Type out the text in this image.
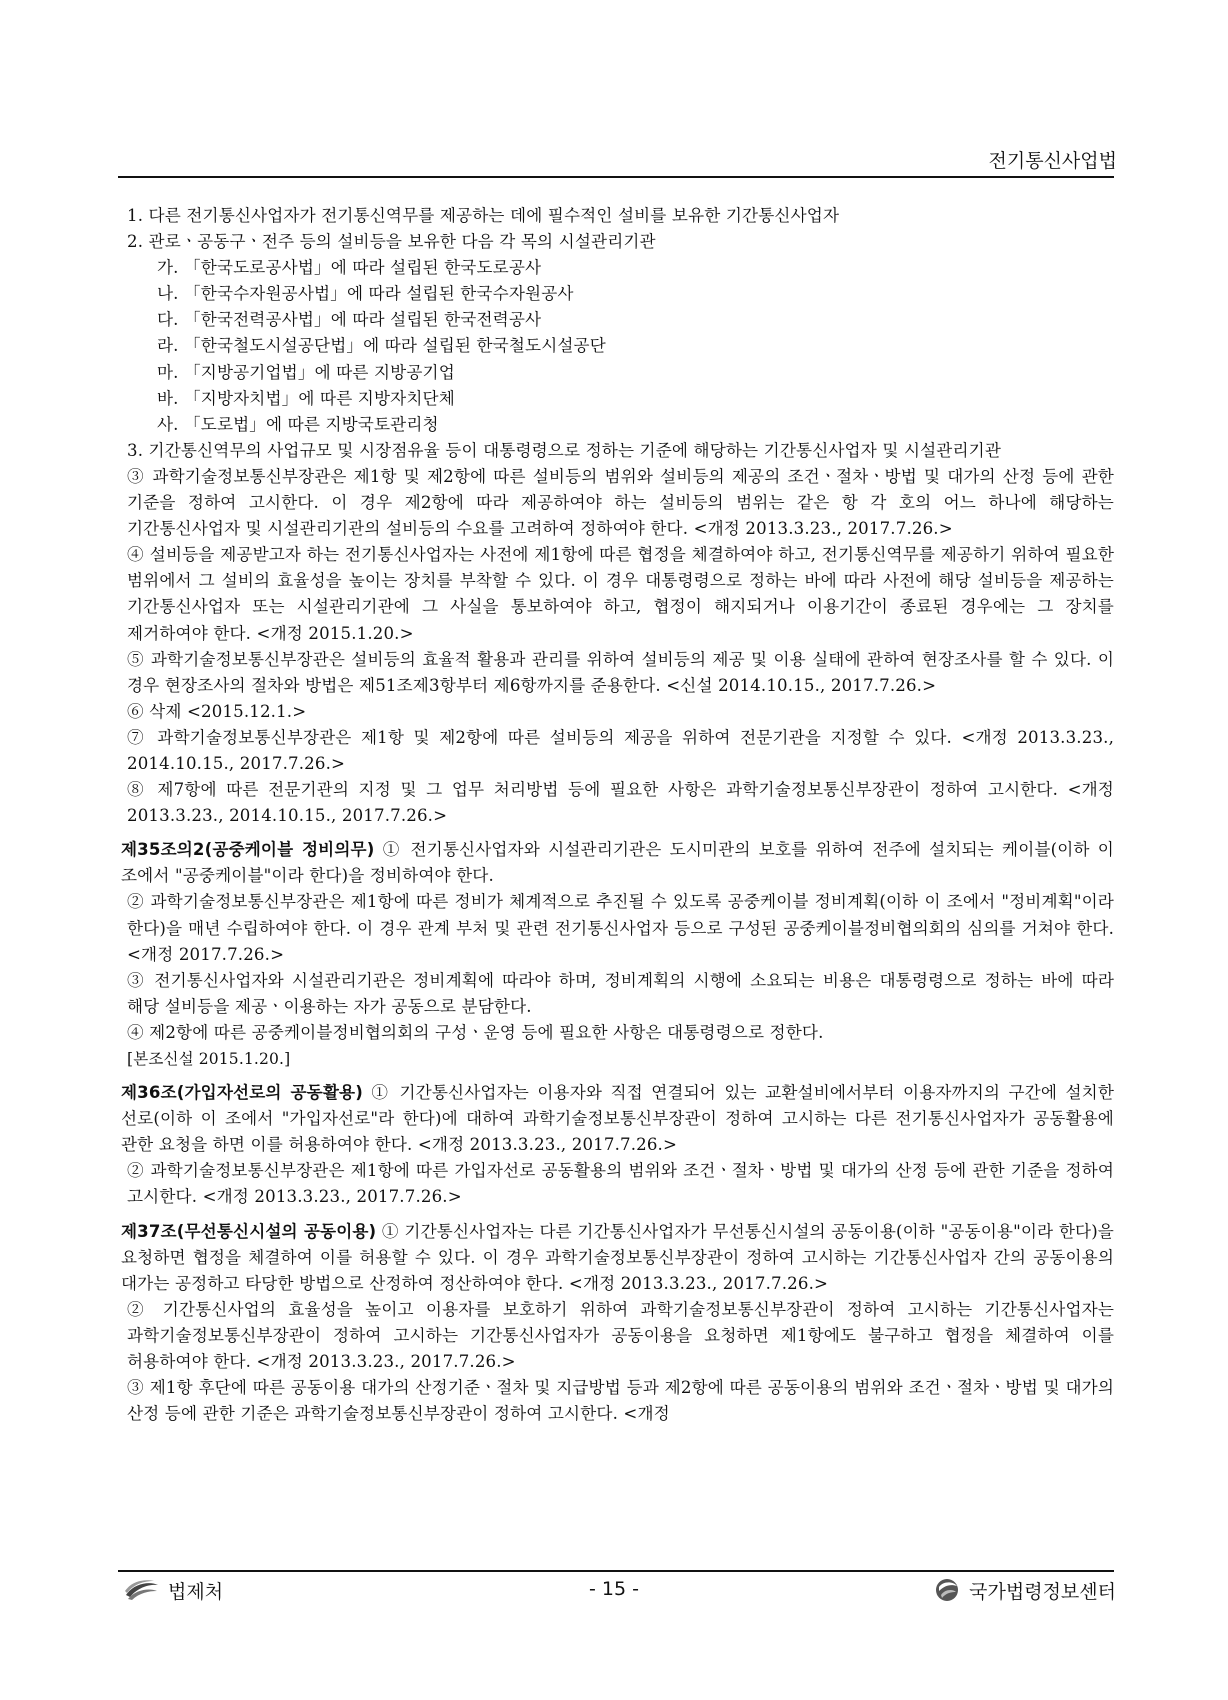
전기통신사업법

1. 다른 전기통신사업자가 전기통신역무를 제공하는 데에 필수적인 설비를 보유한 기간통신사업자

2. 관로ㆍ공동구ㆍ전주 등의 설비등을 보유한 다음 각 목의 시설관리기관

가. 「한국도로공사법」에 따라 설립된 한국도로공사

나. 「한국수자원공사법」에 따라 설립된 한국수자원공사

다. 「한국전력공사법」에 따라 설립된 한국전력공사

라. 「한국철도시설공단법」에 따라 설립된 한국철도시설공단

마. 「지방공기업법」에 따른 지방공기업

바. 「지방자치법」에 따른 지방자치단체

사. 「도로법」에 따른 지방국토관리청

3. 기간통신역무의 사업규모 및 시장점유율 등이 대통령령으로 정하는 기준에 해당하는 기간통신사업자 및 시설관리기관

③ 과학기술정보통신부장관은 제1항 및 제2항에 따른 설비등의 범위와 설비등의 제공의 조건ㆍ절차ㆍ방법 및 대가의 산정 등에 관한 기준을 정하여 고시한다. 이 경우 제2항에 따라 제공하여야 하는 설비등의 범위는 같은 항 각 호의 어느 하나에 해당하는 기간통신사업자 및 시설관리기관의 설비등의 수요를 고려하여 정하여야 한다. <개정 2013.3.23., 2017.7.26.>

④ 설비등을 제공받고자 하는 전기통신사업자는 사전에 제1항에 따른 협정을 체결하여야 하고, 전기통신역무를 제공하기 위하여 필요한 범위에서 그 설비의 효율성을 높이는 장치를 부착할 수 있다. 이 경우 대통령령으로 정하는 바에 따라 사전에 해당 설비등을 제공하는 기간통신사업자 또는 시설관리기관에 그 사실을 통보하여야 하고, 협정이 해지되거나 이용기간이 종료된 경우에는 그 장치를 제거하여야 한다. <개정 2015.1.20.>

⑤ 과학기술정보통신부장관은 설비등의 효율적 활용과 관리를 위하여 설비등의 제공 및 이용 실태에 관하여 현장조사를 할 수 있다. 이 경우 현장조사의 절차와 방법은 제51조제3항부터 제6항까지를 준용한다. <신설 2014.10.15., 2017.7.26.>

⑥ 삭제 <2015.12.1.>

⑦ 과학기술정보통신부장관은 제1항 및 제2항에 따른 설비등의 제공을 위하여 전문기관을 지정할 수 있다. <개정 2013.3.23., 2014.10.15., 2017.7.26.>

⑧ 제7항에 따른 전문기관의 지정 및 그 업무 처리방법 등에 필요한 사항은 과학기술정보통신부장관이 정하여 고시한다. <개정 2013.3.23., 2014.10.15., 2017.7.26.>

제35조의2(공중케이블 정비의무) ① 전기통신사업자와 시설관리기관은 도시미관의 보호를 위하여 전주에 설치되는 케이블(이하 이 조에서 "공중케이블"이라 한다)을 정비하여야 한다.

② 과학기술정보통신부장관은 제1항에 따른 정비가 체계적으로 추진될 수 있도록 공중케이블 정비계획(이하 이 조에서 "정비계획"이라 한다)을 매년 수립하여야 한다. 이 경우 관계 부처 및 관련 전기통신사업자 등으로 구성된 공중케이블정비협의회의 심의를 거쳐야 한다. <개정 2017.7.26.>

③ 전기통신사업자와 시설관리기관은 정비계획에 따라야 하며, 정비계획의 시행에 소요되는 비용은 대통령령으로 정하는 바에 따라 해당 설비등을 제공ㆍ이용하는 자가 공동으로 분담한다.

④ 제2항에 따른 공중케이블정비협의회의 구성ㆍ운영 등에 필요한 사항은 대통령령으로 정한다.

[본조신설 2015.1.20.]

제36조(가입자선로의 공동활용) ① 기간통신사업자는 이용자와 직접 연결되어 있는 교환설비에서부터 이용자까지의 구간에 설치한 선로(이하 이 조에서 "가입자선로"라 한다)에 대하여 과학기술정보통신부장관이 정하여 고시하는 다른 전기통신사업자가 공동활용에 관한 요청을 하면 이를 허용하여야 한다. <개정 2013.3.23., 2017.7.26.>

② 과학기술정보통신부장관은 제1항에 따른 가입자선로 공동활용의 범위와 조건ㆍ절차ㆍ방법 및 대가의 산정 등에 관한 기준을 정하여 고시한다. <개정 2013.3.23., 2017.7.26.>

제37조(무선통신시설의 공동이용) ① 기간통신사업자는 다른 기간통신사업자가 무선통신시설의 공동이용(이하 "공동이용"이라 한다)을 요청하면 협정을 체결하여 이를 허용할 수 있다. 이 경우 과학기술정보통신부장관이 정하여 고시하는 기간통신사업자 간의 공동이용의 대가는 공정하고 타당한 방법으로 산정하여 정산하여야 한다. <개정 2013.3.23., 2017.7.26.>

② 기간통신사업의 효율성을 높이고 이용자를 보호하기 위하여 과학기술정보통신부장관이 정하여 고시하는 기간통신사업자는 과학기술정보통신부장관이 정하여 고시하는 기간통신사업자가 공동이용을 요청하면 제1항에도 불구하고 협정을 체결하여 이를 허용하여야 한다. <개정 2013.3.23., 2017.7.26.>

③ 제1항 후단에 따른 공동이용 대가의 산정기준ㆍ절차 및 지급방법 등과 제2항에 따른 공동이용의 범위와 조건ㆍ절차ㆍ방법 및 대가의 산정 등에 관한 기준은 과학기술정보통신부장관이 정하여 고시한다. <개정

법제처	- 15 -	국가법령정보센터
